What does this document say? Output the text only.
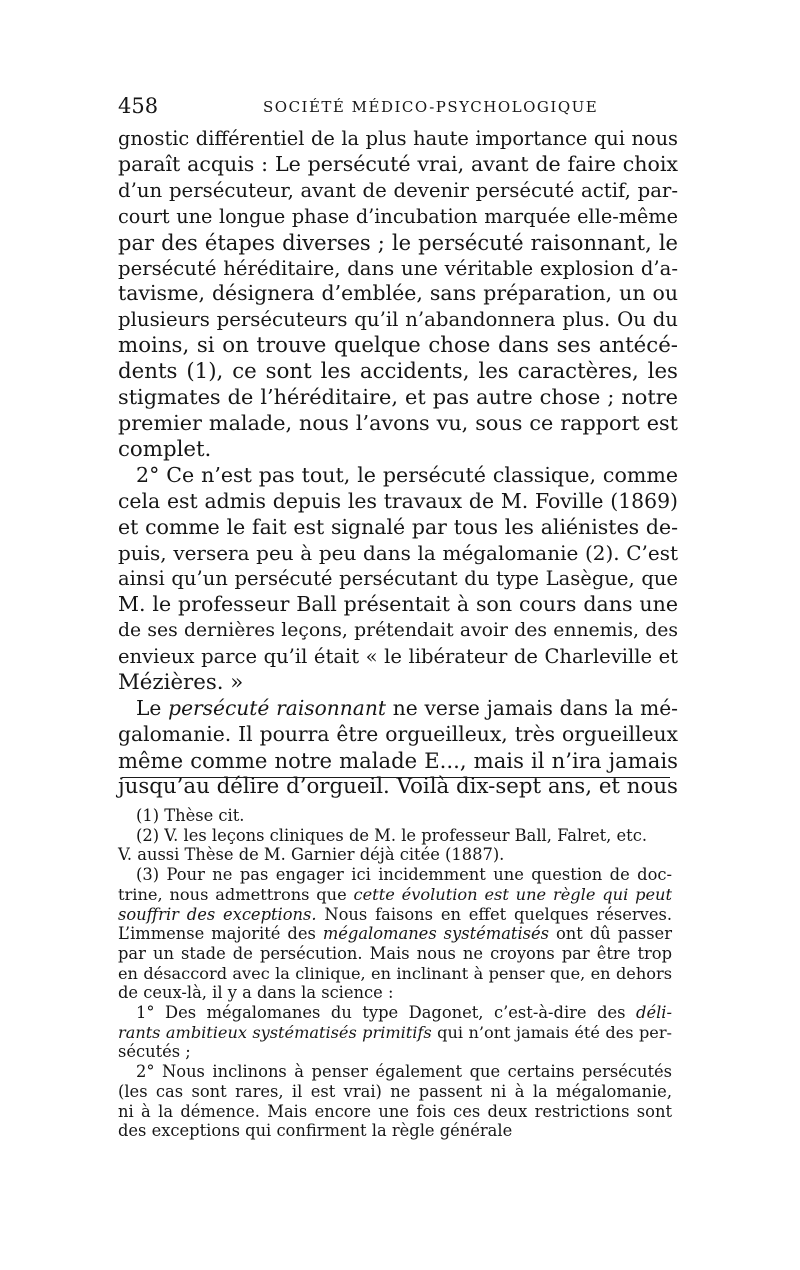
458	SOCIÉTÉ MÉDICO-PSYCHOLOGIQUE
gnostic différentiel de la plus haute importance qui nous
paraît acquis : Le persécuté vrai, avant de faire choix
d’un persécuteur, avant de devenir persécuté actif, par-
court une longue phase d’incubation marquée elle-même
par des étapes diverses ; le persécuté raisonnant, le
persécuté héréditaire, dans une véritable explosion d’a-
tavisme, désignera d’emblée, sans préparation, un ou
plusieurs persécuteurs qu’il n’abandonnera plus. Ou du
moins, si on trouve quelque chose dans ses antécé-
dents (1), ce sont les accidents, les caractères, les
stigmates de l’héréditaire, et pas autre chose ; notre
premier malade, nous l’avons vu, sous ce rapport est
complet.
2° Ce n’est pas tout, le persécuté classique, comme
cela est admis depuis les travaux de M. Foville (1869)
et comme le fait est signalé par tous les aliénistes de-
puis, versera peu à peu dans la mégalomanie (2). C’est
ainsi qu’un persécuté persécutant du type Lasègue, que
M. le professeur Ball présentait à son cours dans une
de ses dernières leçons, prétendait avoir des ennemis, des
envieux parce qu’il était « le libérateur de Charleville et
Mézières. »
Le persécuté raisonnant ne verse jamais dans la mé-
galomanie. Il pourra être orgueilleux, très orgueilleux
même comme notre malade E..., mais il n’ira jamais
jusqu’au délire d’orgueil. Voilà dix-sept ans, et nous
(1) Thèse cit.
(2) V. les leçons cliniques de M. le professeur Ball, Falret, etc.
V. aussi Thèse de M. Garnier déjà citée (1887).
(3) Pour ne pas engager ici incidemment une question de doc-
trine, nous admettrons que cette évolution est une règle qui peut
souffrir des exceptions. Nous faisons en effet quelques réserves.
L’immense majorité des mégalomanes systématisés ont dû passer
par un stade de persécution. Mais nous ne croyons par être trop
en désaccord avec la clinique, en inclinant à penser que, en dehors
de ceux-là, il y a dans la science :
1° Des mégalomanes du type Dagonet, c’est-à-dire des déli-
rants ambitieux systématisés primitifs qui n’ont jamais été des per-
sécutés ;
2° Nous inclinons à penser également que certains persécutés
(les cas sont rares, il est vrai) ne passent ni à la mégalomanie,
ni à la démence. Mais encore une fois ces deux restrictions sont
des exceptions qui confirment la règle générale
